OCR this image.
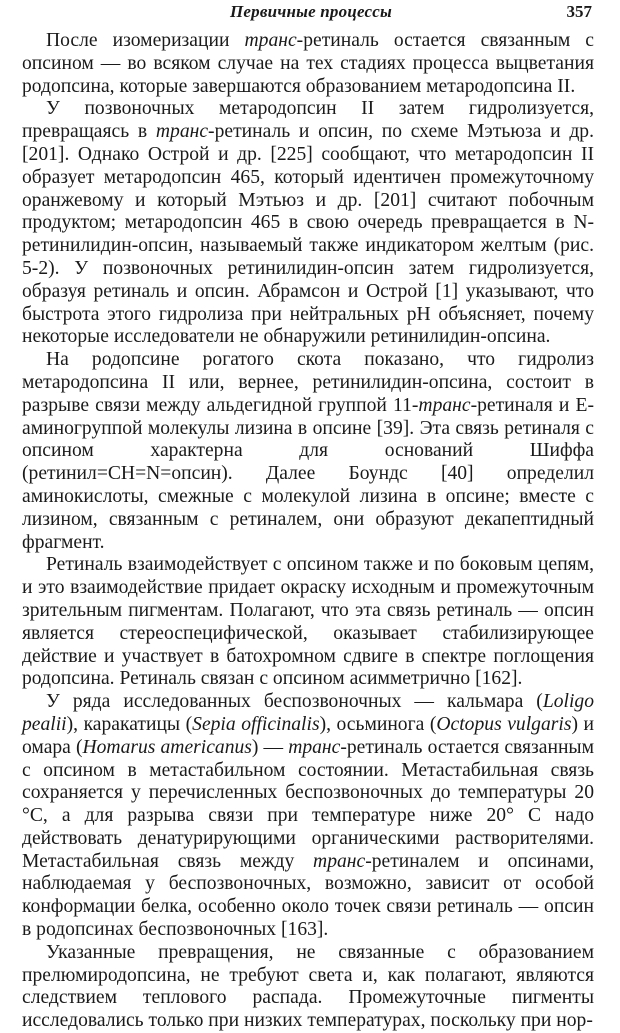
Первичные процессы	357

После изомеризации транс-ретиналь остается связанным с опсином — во всяком случае на тех стадиях процесса выцветания родопсина, которые завершаются образованием метародопсина II.

У позвоночных метародопсин II затем гидролизуется, превращаясь в транс-ретиналь и опсин, по схеме Мэтьюза и др. [201]. Однако Острой и др. [225] сообщают, что метародопсин II образует метародопсин 465, который идентичен промежуточному оранжевому и который Мэтьюз и др. [201] считают побочным продуктом; метародопсин 465 в свою очередь превращается в N-ретинилидин-опсин, называемый также индикатором желтым (рис. 5-2). У позвоночных ретинилидин-опсин затем гидролизуется, образуя ретиналь и опсин. Абрамсон и Острой [1] указывают, что быстрота этого гидролиза при нейтральных pH объясняет, почему некоторые исследователи не обнаружили ретинилидин-опсина.

На родопсине рогатого скота показано, что гидролиз метародопсина II или, вернее, ретинилидин-опсина, состоит в разрыве связи между альдегидной группой 11-транс-ретиналя и Е-аминогруппой молекулы лизина в опсине [39]. Эта связь ретиналя с опсином характерна для оснований Шиффа (ретинил=CH=N=опсин). Далее Боундс [40] определил аминокислоты, смежные с молекулой лизина в опсине; вместе с лизином, связанным с ретиналем, они образуют декапептидный фрагмент.

Ретиналь взаимодействует с опсином также и по боковым цепям, и это взаимодействие придает окраску исходным и промежуточным зрительным пигментам. Полагают, что эта связь ретиналь — опсин является стереоспецифической, оказывает стабилизирующее действие и участвует в батохромном сдвиге в спектре поглощения родопсина. Ретиналь связан с опсином асимметрично [162].

У ряда исследованных беспозвоночных — кальмара (Loligo pealii), каракатицы (Sepia officinalis), осьминога (Octopus vulgaris) и омара (Homarus americanus) — транс-ретиналь остается связанным с опсином в метастабильном состоянии. Метастабильная связь сохраняется у перечисленных беспозвоночных до температуры 20 °C, а для разрыва связи при температуре ниже 20° C надо действовать денатурирующими органическими растворителями. Метастабильная связь между транс-ретиналем и опсинами, наблюдаемая у беспозвоночных, возможно, зависит от особой конформации белка, особенно около точек связи ретиналь — опсин в родопсинах беспозвоночных [163].

Указанные превращения, не связанные с образованием прелюмиродопсина, не требуют света и, как полагают, являются следствием теплового распада. Промежуточные пигменты исследовались только при низких температурах, поскольку при нор-
